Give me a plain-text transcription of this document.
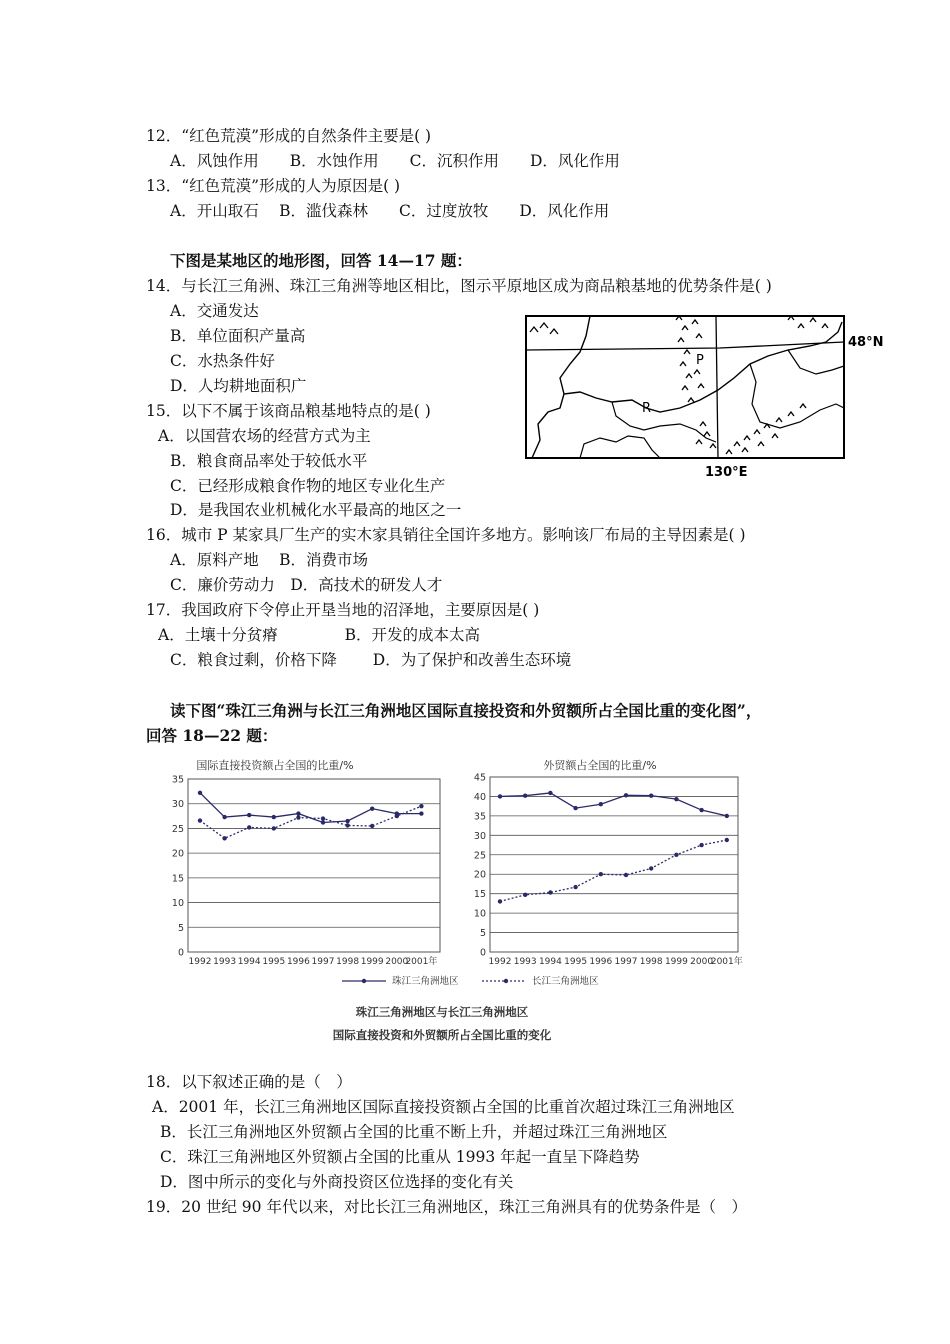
12．“红色荒漠”形成的自然条件主要是( )
A．风蚀作用　　B．水蚀作用　　C．沉积作用　　D．风化作用
13．“红色荒漠”形成的人为原因是( )
A．开山取石　 B．滥伐森林　　C．过度放牧　　D．风化作用
下图是某地区的地形图，回答 14—17 题：
14．与长江三角洲、珠江三角洲等地区相比，图示平原地区成为商品粮基地的优势条件是( )
A．交通发达
B．单位面积产量高
C．水热条件好
D．人均耕地面积广
15．以下不属于该商品粮基地特点的是( )
A．以国营农场的经营方式为主
B．粮食商品率处于较低水平
C．已经形成粮食作物的地区专业化生产
D．是我国农业机械化水平最高的地区之一
16．城市 P 某家具厂生产的实木家具销往全国许多地方。影响该厂布局的主导因素是( )
A．原料产地　 B．消费市场
C．廉价劳动力　D．高技术的研发人才
17．我国政府下令停止开垦当地的沼泽地，主要原因是( )
A．土壤十分贫瘠　　　　 B．开发的成本太高
C．粮食过剩，价格下降　　 D．为了保护和改善生态环境
读下图“珠江三角洲与长江三角洲地区国际直接投资和外贸额所占全国比重的变化图”，
回答 18—22 题：
18．以下叙述正确的是（　）
A．2001 年，长江三角洲地区国际直接投资额占全国的比重首次超过珠江三角洲地区
B．长江三角洲地区外贸额占全国的比重不断上升，并超过珠江三角洲地区
C．珠江三角洲地区外贸额占全国的比重从 1993 年起一直呈下降趋势
D．图中所示的变化与外商投资区位选择的变化有关
19．20 世纪 90 年代以来，对比长江三角洲地区，珠江三角洲具有的优势条件是（　）
P
R
48°N
130°E
国际直接投资额占全国的比重/%	外贸额占全国的比重/%
0
5
10
15
20
25
30
35
1992 1993 1994 1995 1996 1997 1998 1999 2000
2001年
0
5
10
15
20
25
30
35
40
45
1992 1993 1994 1995 1996 1997 1998 1999 2000
2001年
珠江三角洲地区	长江三角洲地区
珠江三角洲地区与长江三角洲地区
国际直接投资和外贸额所占全国比重的变化
